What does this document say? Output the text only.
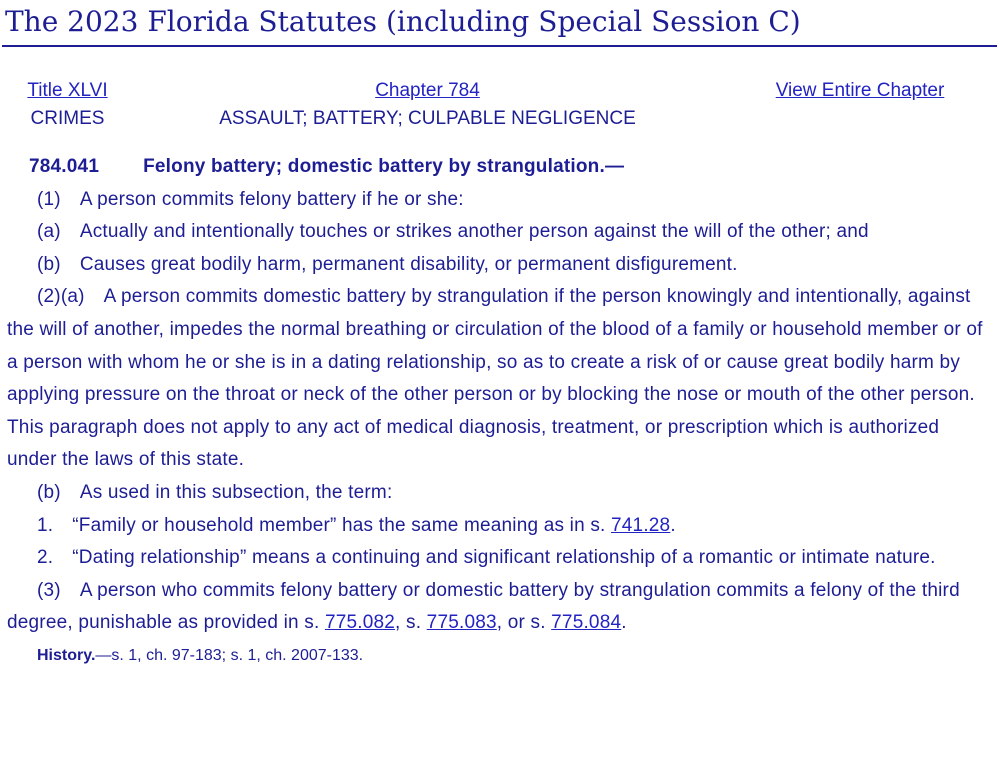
The 2023 Florida Statutes (including Special Session C)
Title XLVI
CRIMES
Chapter 784
ASSAULT; BATTERY; CULPABLE NEGLIGENCE
View Entire Chapter

784.041 Felony battery; domestic battery by strangulation.—

(1) A person commits felony battery if he or she:

(a) Actually and intentionally touches or strikes another person against the will of the other; and

(b) Causes great bodily harm, permanent disability, or permanent disfigurement.

(2)(a) A person commits domestic battery by strangulation if the person knowingly and intentionally, against the will of another, impedes the normal breathing or circulation of the blood of a family or household member or of a person with whom he or she is in a dating relationship, so as to create a risk of or cause great bodily harm by applying pressure on the throat or neck of the other person or by blocking the nose or mouth of the other person. This paragraph does not apply to any act of medical diagnosis, treatment, or prescription which is authorized under the laws of this state.

(b) As used in this subsection, the term:

1. “Family or household member” has the same meaning as in s. 741.28.

2. “Dating relationship” means a continuing and significant relationship of a romantic or intimate nature.

(3) A person who commits felony battery or domestic battery by strangulation commits a felony of the third degree, punishable as provided in s. 775.082, s. 775.083, or s. 775.084.

History.—s. 1, ch. 97-183; s. 1, ch. 2007-133.
